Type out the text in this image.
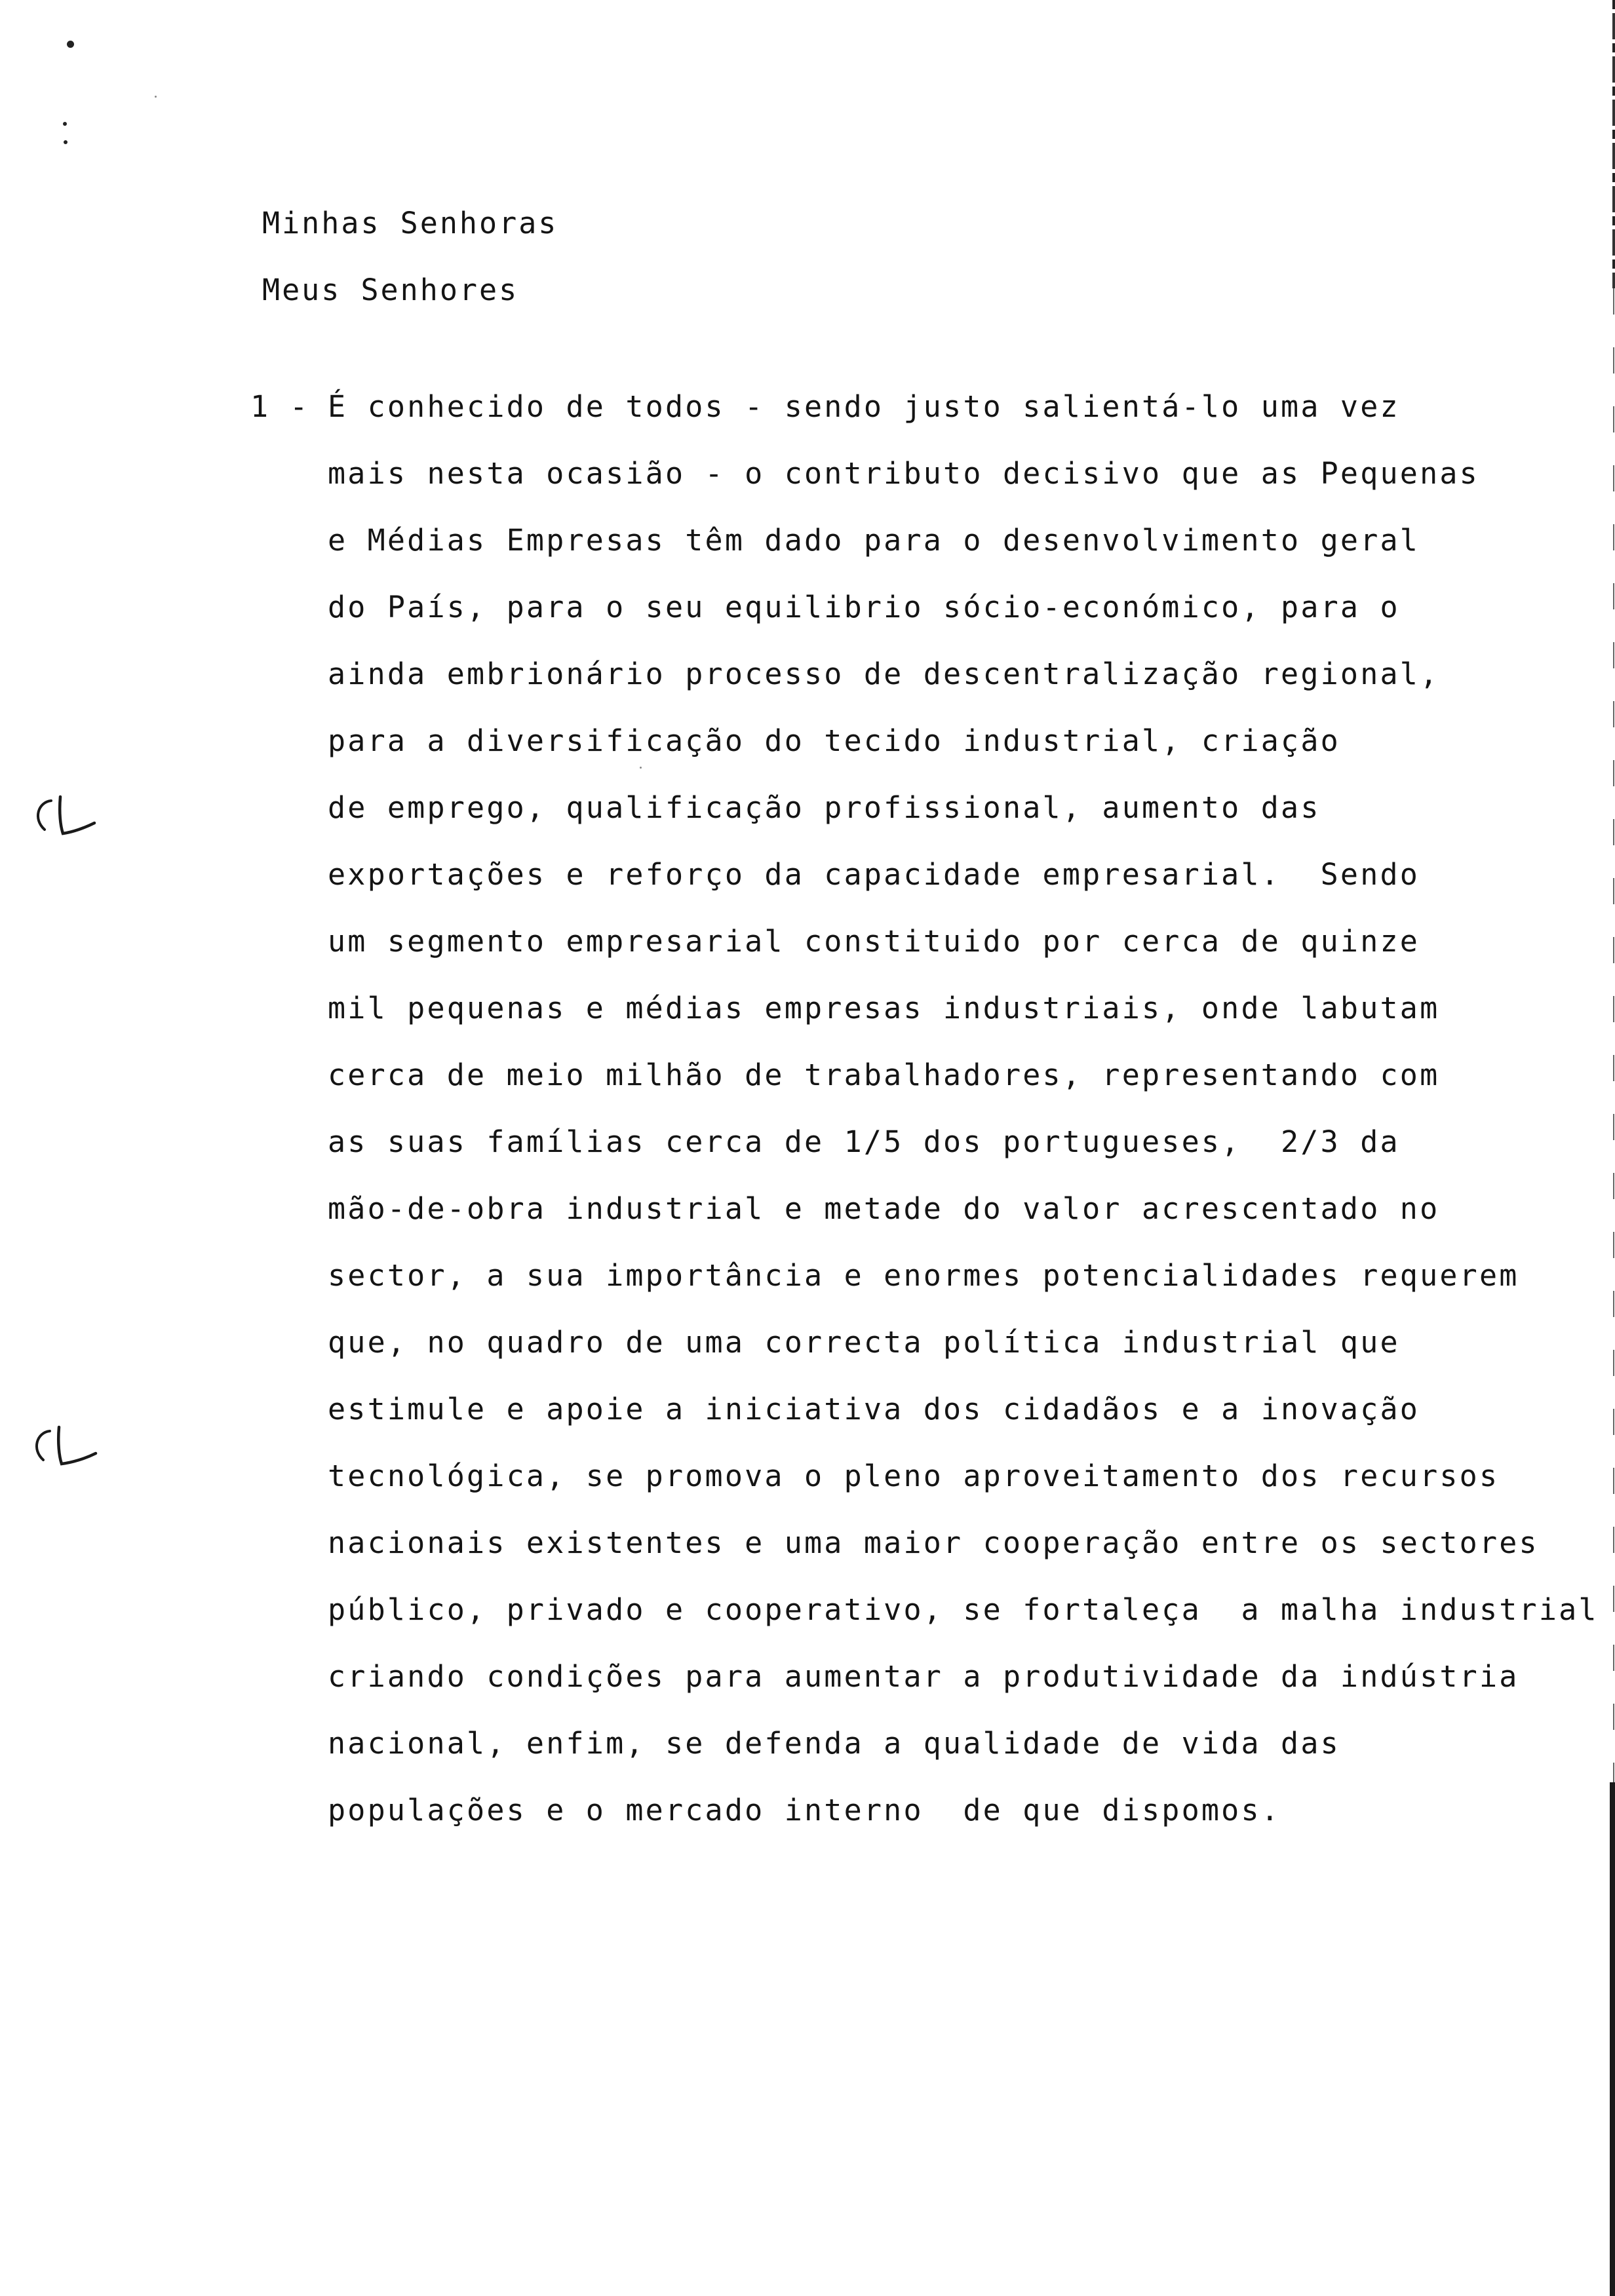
Minhas Senhoras
Meus Senhores
1 - É conhecido de todos - sendo justo salientá-lo uma vez
mais nesta ocasião - o contributo decisivo que as Pequenas
e Médias Empresas têm dado para o desenvolvimento geral
do País, para o seu equilibrio sócio-económico, para o
ainda embrionário processo de descentralização regional,
para a diversificação do tecido industrial, criação
de emprego, qualificação profissional, aumento das
exportações e reforço da capacidade empresarial.  Sendo
um segmento empresarial constituido por cerca de quinze
mil pequenas e médias empresas industriais, onde labutam
cerca de meio milhão de trabalhadores, representando com
as suas famílias cerca de 1/5 dos portugueses,  2/3 da
mão-de-obra industrial e metade do valor acrescentado no
sector, a sua importância e enormes potencialidades requerem
que, no quadro de uma correcta política industrial que
estimule e apoie a iniciativa dos cidadãos e a inovação
tecnológica, se promova o pleno aproveitamento dos recursos
nacionais existentes e uma maior cooperação entre os sectores
público, privado e cooperativo, se fortaleça  a malha industrial
criando condições para aumentar a produtividade da indústria
nacional, enfim, se defenda a qualidade de vida das
populações e o mercado interno  de que dispomos.
